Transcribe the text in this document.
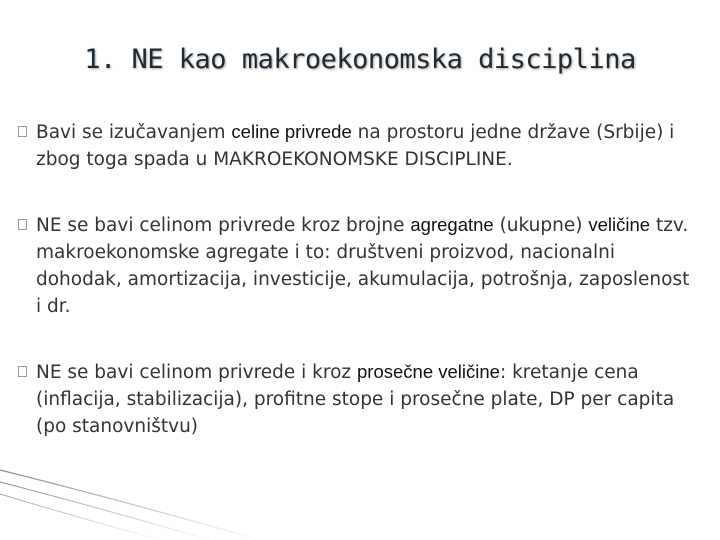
1. NE kao makroekonomska disciplina
Bavi se izučavanjem celine privrede na prostoru jedne države (Srbije) i zbog toga spada u MAKROEKONOMSKE DISCIPLINE.
NE se bavi celinom privrede kroz brojne agregatne (ukupne) veličine tzv. makroekonomske agregate i to: društveni proizvod, nacionalni dohodak, amortizacija, investicije, akumulacija, potrošnja, zaposlenost i dr.
NE se bavi celinom privrede i kroz prosečne veličine: kretanje cena (inflacija, stabilizacija), profitne stope i prosečne plate, DP per capita (po stanovništvu)
